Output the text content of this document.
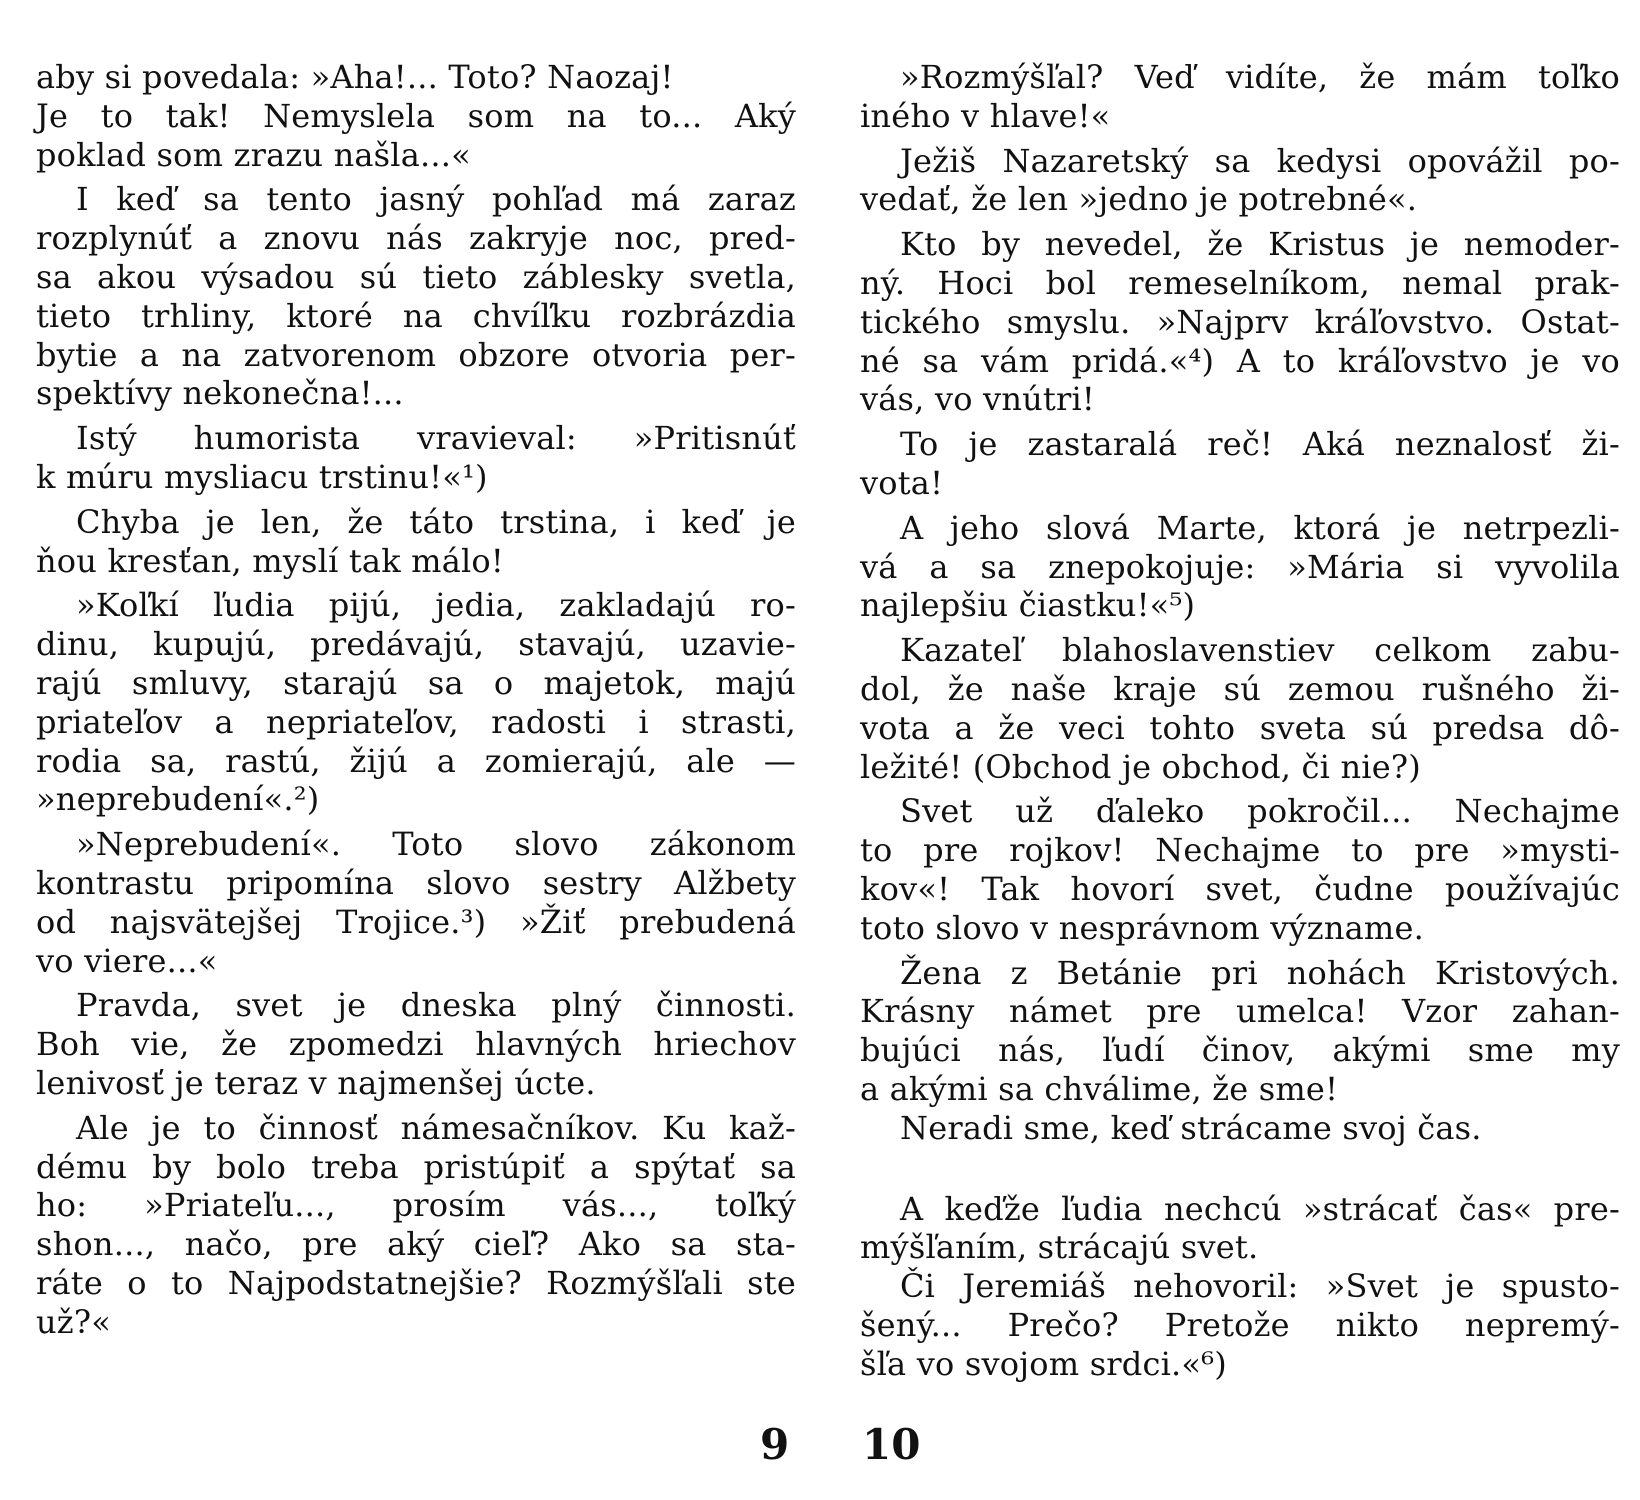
aby si povedala: »Aha!... Toto? Naozaj!
Je to tak! Nemyslela som na to... Aký
poklad som zrazu našla...«
I keď sa tento jasný pohľad má zaraz
rozplynúť a znovu nás zakryje noc, pred-
sa akou výsadou sú tieto záblesky svetla,
tieto trhliny, ktoré na chvíľku rozbrázdia
bytie a na zatvorenom obzore otvoria per-
spektívy nekonečna!...
Istý humorista vravieval: »Pritisnúť
k múru mysliacu trstinu!«¹)
Chyba je len, že táto trstina, i keď je
ňou kresťan, myslí tak málo!
»Koľkí ľudia pijú, jedia, zakladajú ro-
dinu, kupujú, predávajú, stavajú, uzavie-
rajú smluvy, starajú sa o majetok, majú
priateľov a nepriateľov, radosti i strasti,
rodia sa, rastú, žijú a zomierajú, ale —
»neprebudení«.²)
»Neprebudení«. Toto slovo zákonom
kontrastu pripomína slovo sestry Alžbety
od najsvätejšej Trojice.³) »Žiť prebudená
vo viere...«
Pravda, svet je dneska plný činnosti.
Boh vie, že zpomedzi hlavných hriechov
lenivosť je teraz v najmenšej úcte.
Ale je to činnosť námesačníkov. Ku kaž-
dému by bolo treba pristúpiť a spýtať sa
ho: »Priateľu..., prosím vás..., toľký
shon..., načo, pre aký cieľ? Ako sa sta-
ráte o to Najpodstatnejšie? Rozmýšľali ste
už?«
»Rozmýšľal? Veď vidíte, že mám toľko
iného v hlave!«
Ježiš Nazaretský sa kedysi opovážil po-
vedať, že len »jedno je potrebné«.
Kto by nevedel, že Kristus je nemoder-
ný. Hoci bol remeselníkom, nemal prak-
tického smyslu. »Najprv kráľovstvo. Ostat-
né sa vám pridá.«⁴) A to kráľovstvo je vo
vás, vo vnútri!
To je zastaralá reč! Aká neznalosť ži-
vota!
A jeho slová Marte, ktorá je netrpezli-
vá a sa znepokojuje: »Mária si vyvolila
najlepšiu čiastku!«⁵)
Kazateľ blahoslavenstiev celkom zabu-
dol, že naše kraje sú zemou rušného ži-
vota a že veci tohto sveta sú predsa dô-
ležité! (Obchod je obchod, či nie?)
Svet už ďaleko pokročil... Nechajme
to pre rojkov! Nechajme to pre »mysti-
kov«! Tak hovorí svet, čudne používajúc
toto slovo v nesprávnom význame.
Žena z Betánie pri nohách Kristových.
Krásny námet pre umelca! Vzor zahan-
bujúci nás, ľudí činov, akými sme my
a akými sa chválime, že sme!
Neradi sme, keď strácame svoj čas.
A keďže ľudia nechcú »strácať čas« pre-
mýšľaním, strácajú svet.
Či Jeremiáš nehovoril: »Svet je spusto-
šený... Prečo? Pretože nikto nepremý-
šľa vo svojom srdci.«⁶)
9 10
